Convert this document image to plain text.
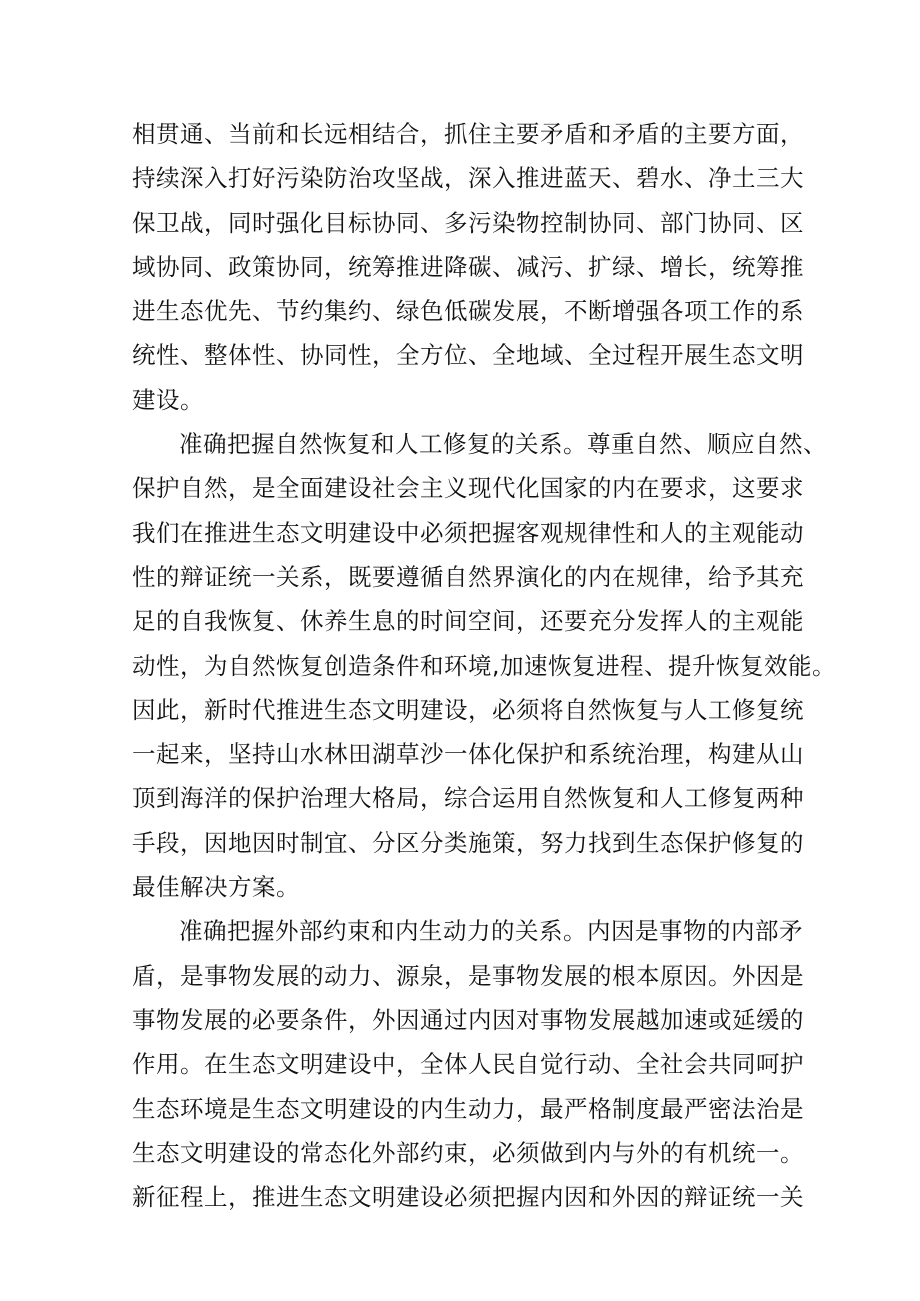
相贯通、当前和长远相结合，抓住主要矛盾和矛盾的主要方面，
持续深入打好污染防治攻坚战，深入推进蓝天、碧水、净土三大
保卫战，同时强化目标协同、多污染物控制协同、部门协同、区
域协同、政策协同，统筹推进降碳、减污、扩绿、增长，统筹推
进生态优先、节约集约、绿色低碳发展，不断增强各项工作的系
统性、整体性、协同性，全方位、全地域、全过程开展生态文明
建设。
准确把握自然恢复和人工修复的关系。尊重自然、顺应自然、
保护自然，是全面建设社会主义现代化国家的内在要求，这要求
我们在推进生态文明建设中必须把握客观规律性和人的主观能动
性的辩证统一关系，既要遵循自然界演化的内在规律，给予其充
足的自我恢复、休养生息的时间空间，还要充分发挥人的主观能
动性，为自然恢复创造条件和环境,加速恢复进程、提升恢复效能。
因此，新时代推进生态文明建设，必须将自然恢复与人工修复统
一起来，坚持山水林田湖草沙一体化保护和系统治理，构建从山
顶到海洋的保护治理大格局，综合运用自然恢复和人工修复两种
手段，因地因时制宜、分区分类施策，努力找到生态保护修复的
最佳解决方案。
准确把握外部约束和内生动力的关系。内因是事物的内部矛
盾，是事物发展的动力、源泉，是事物发展的根本原因。外因是
事物发展的必要条件，外因通过内因对事物发展越加速或延缓的
作用。在生态文明建设中，全体人民自觉行动、全社会共同呵护
生态环境是生态文明建设的内生动力，最严格制度最严密法治是
生态文明建设的常态化外部约束，必须做到内与外的有机统一。
新征程上，推进生态文明建设必须把握内因和外因的辩证统一关
